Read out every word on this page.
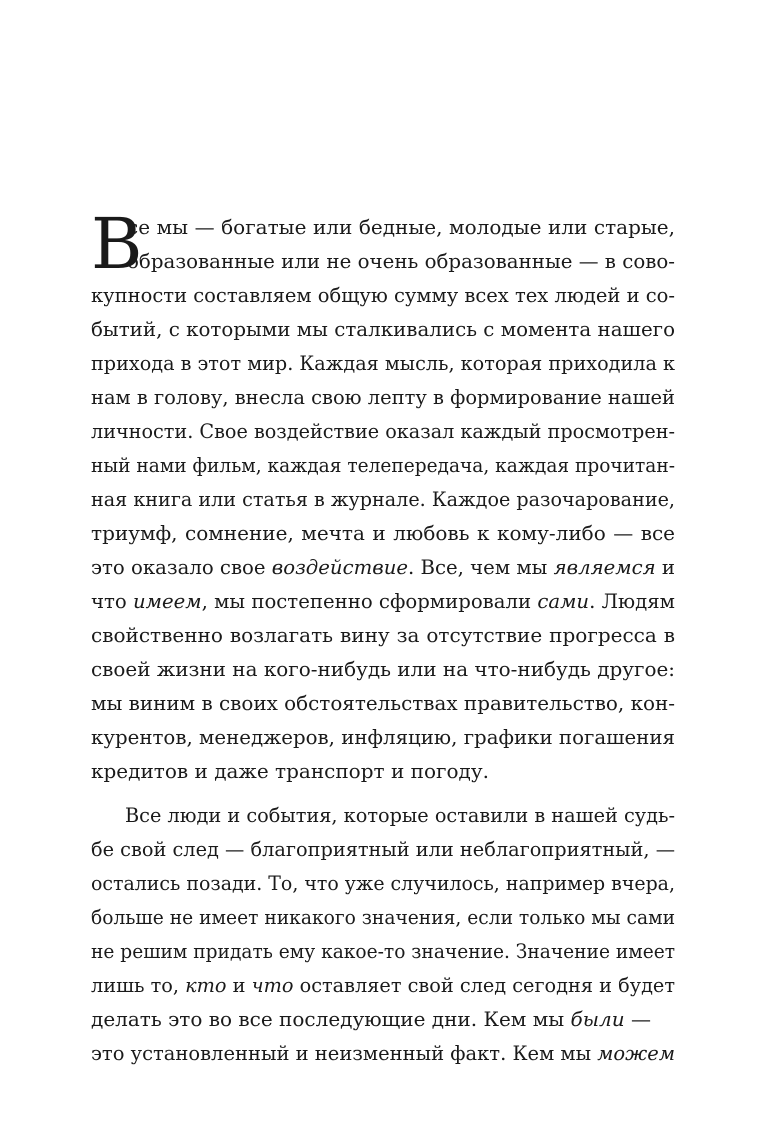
В
се мы — богатые или бедные, молодые или старые,
образованные или не очень образованные — в сово-
купности составляем общую сумму всех тех людей и со-
бытий, с которыми мы сталкивались с момента нашего
прихода в этот мир. Каждая мысль, которая приходила к
нам в голову, внесла свою лепту в формирование нашей
личности. Свое воздействие оказал каждый просмотрен-
ный нами фильм, каждая телепередача, каждая прочитан-
ная книга или статья в журнале. Каждое разочарование,
триумф, сомнение, мечта и любовь к кому-либо — все
это оказало свое воздействие. Все, чем мы являемся и
что имеем, мы постепенно сформировали сами. Людям
свойственно возлагать вину за отсутствие прогресса в
своей жизни на кого-нибудь или на что-нибудь другое:
мы виним в своих обстоятельствах правительство, кон-
курентов, менеджеров, инфляцию, графики погашения
кредитов и даже транспорт и погоду.
Все люди и события, которые оставили в нашей судь-
бе свой след — благоприятный или неблагоприятный, —
остались позади. То, что уже случилось, например вчера,
больше не имеет никакого значения, если только мы сами
не решим придать ему какое-то значение. Значение имеет
лишь то, кто и что оставляет свой след сегодня и будет
делать это во все последующие дни. Кем мы были —
это установленный и неизменный факт. Кем мы можем
